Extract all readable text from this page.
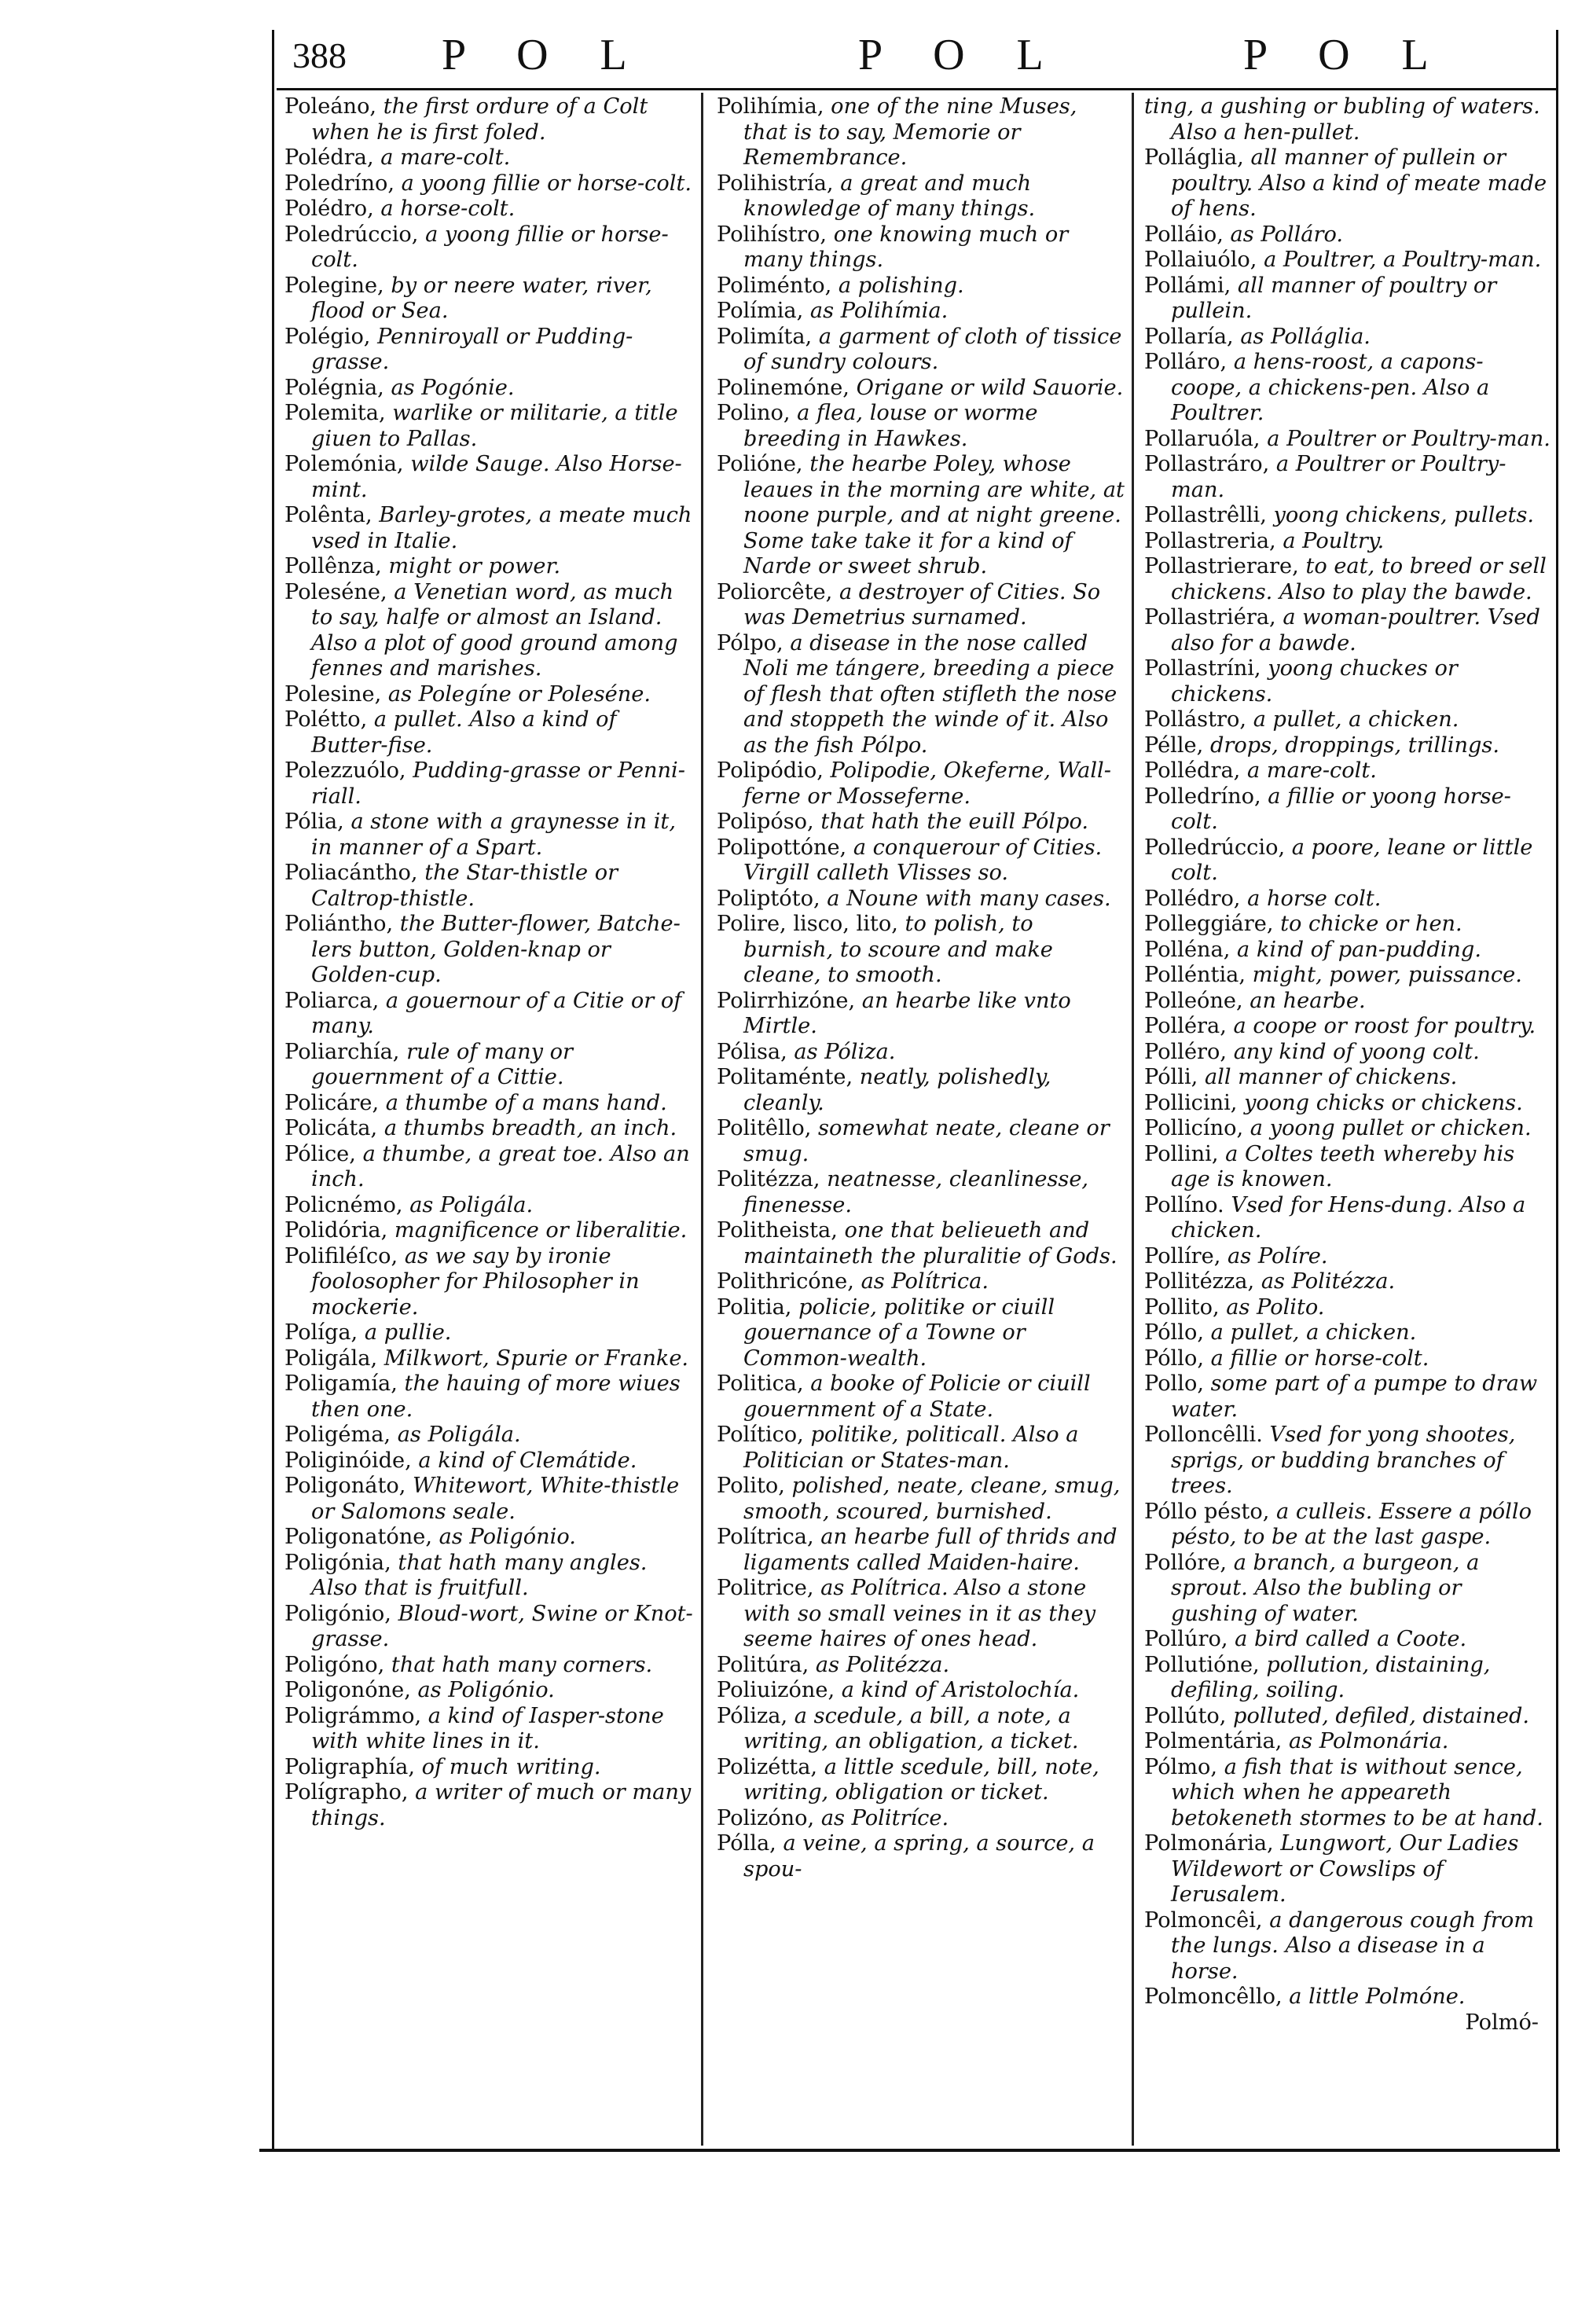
388 P O L	P O L	P O L
Poleáno, the first ordure of a Colt when he is first foled.
Polédra, a mare-colt.
Poledríno, a yoong fillie or horse-colt.
Polédro, a horse-colt.
Poledrúccio, a yoong fillie or horse-colt.
Polegine, by or neere water, river, flood or Sea.
Polégio, Penniroyall or Pudding-grasse.
Polégnia, as Pogónie.
Polemita, warlike or militarie, a title giuen to Pallas.
Polemónia, wilde Sauge. Also Horse-mint.
Polênta, Barley-grotes, a meate much vsed in Italie.
Pollênza, might or power.
Poleséne, a Venetian word, as much to say, halfe or almost an Island. Also a plot of good ground among fennes and marishes.
Polesine, as Polegíne or Poleséne.
Polétto, a pullet. Also a kind of Butter-fise.
Polezzuólo, Pudding-grasse or Penni-riall.
Pólia, a stone with a graynesse in it, in manner of a Spart.
Poliacántho, the Star-thistle or Caltrop-thistle.
Poliántho, the Butter-flower, Batche-lers button, Golden-knap or Golden-cup.
Poliarca, a gouernour of a Citie or of many.
Poliarchía, rule of many or gouernment of a Cittie.
Policáre, a thumbe of a mans hand.
Policáta, a thumbs breadth, an inch.
Pólice, a thumbe, a great toe. Also an inch.
Policnémo, as Poligála.
Polidória, magnificence or liberalitie.
Polifiléſco, as we say by ironie foolosopher for Philosopher in mockerie.
Políga, a pullie.
Poligála, Milkwort, Spurie or Franke.
Poligamía, the hauing of more wiues then one.
Poligéma, as Poligála.
Poliginóide, a kind of Clemátide.
Poligonáto, Whitewort, White-thistle or Salomons seale.
Poligonatóne, as Poligónio.
Poligónia, that hath many angles. Also that is fruitfull.
Poligónio, Bloud-wort, Swine or Knot-grasse.
Poligóno, that hath many corners.
Poligonóne, as Poligónio.
Poligrámmo, a kind of Iasper-stone with white lines in it.
Poligraphía, of much writing.
Polígrapho, a writer of much or many things.
Polihímia, one of the nine Muses, that is to say, Memorie or Remembrance.
Polihistría, a great and much knowledge of many things.
Polihístro, one knowing much or many things.
Poliménto, a polishing.
Polímia, as Polihímia.
Polimíta, a garment of cloth of tissice of sundry colours.
Polinemóne, Origane or wild Sauorie.
Polino, a flea, louse or worme breeding in Hawkes.
Polióne, the hearbe Poley, whose leaues in the morning are white, at noone purple, and at night greene. Some take take it for a kind of Narde or sweet shrub.
Poliorcête, a destroyer of Cities. So was Demetrius surnamed.
Pólpo, a disease in the nose called Noli me tángere, breeding a piece of flesh that often stifleth the nose and stoppeth the winde of it. Also as the fish Pólpo.
Polipódio, Polipodie, Okeferne, Wall-ferne or Mosseferne.
Polipóso, that hath the euill Pólpo.
Polipottóne, a conquerour of Cities. Virgill calleth Vlisses so.
Poliptóto, a Noune with many cases.
Polire, lisco, lito, to polish, to burnish, to scoure and make cleane, to smooth.
Polirrhizóne, an hearbe like vnto Mirtle.
Pólisa, as Póliza.
Politaménte, neatly, polishedly, cleanly.
Politêllo, somewhat neate, cleane or smug.
Politézza, neatnesse, cleanlinesse, finenesse.
Politheista, one that belieueth and maintaineth the pluralitie of Gods.
Polithricóne, as Polítrica.
Politia, policie, politike or ciuill gouernance of a Towne or Common-wealth.
Politica, a booke of Policie or ciuill gouernment of a State.
Político, politike, politicall. Also a Politician or States-man.
Polito, polished, neate, cleane, smug, smooth, scoured, burnished.
Polítrica, an hearbe full of thrids and ligaments called Maiden-haire.
Politrice, as Polítrica. Also a stone with so small veines in it as they seeme haires of ones head.
Politúra, as Politézza.
Poliuizóne, a kind of Aristolochía.
Póliza, a scedule, a bill, a note, a writing, an obligation, a ticket.
Polizétta, a little scedule, bill, note, writing, obligation or ticket.
Polizóno, as Politríce.
Pólla, a veine, a spring, a source, a spou-
ting, a gushing or bubling of waters. Also a hen-pullet.
Polláglia, all manner of pullein or poultry. Also a kind of meate made of hens.
Polláio, as Polláro.
Pollaiuólo, a Poultrer, a Poultry-man.
Pollámi, all manner of poultry or pullein.
Pollaría, as Polláglia.
Polláro, a hens-roost, a capons-coope, a chickens-pen. Also a Poultrer.
Pollaruóla, a Poultrer or Poultry-man.
Pollastráro, a Poultrer or Poultry-man.
Pollastrêlli, yoong chickens, pullets.
Pollastreria, a Poultry.
Pollastrierare, to eat, to breed or sell chickens. Also to play the bawde.
Pollastriéra, a woman-poultrer. Vsed also for a bawde.
Pollastríni, yoong chuckes or chickens.
Pollástro, a pullet, a chicken.
Pélle, drops, droppings, trillings.
Pollédra, a mare-colt.
Polledríno, a fillie or yoong horse-colt.
Polledrúccio, a poore, leane or little colt.
Pollédro, a horse colt.
Polleggiáre, to chicke or hen.
Polléna, a kind of pan-pudding.
Polléntia, might, power, puissance.
Polleóne, an hearbe.
Polléra, a coope or roost for poultry.
Polléro, any kind of yoong colt.
Pólli, all manner of chickens.
Pollicini, yoong chicks or chickens.
Pollicíno, a yoong pullet or chicken.
Pollini, a Coltes teeth whereby his age is knowen.
Pollíno. Vsed for Hens-dung. Also a chicken.
Pollíre, as Políre.
Pollitézza, as Politézza.
Pollito, as Polito.
Póllo, a pullet, a chicken.
Póllo, a fillie or horse-colt.
Pollo, some part of a pumpe to draw water.
Polloncêlli. Vsed for yong shootes, sprigs, or budding branches of trees.
Póllo pésto, a culleis. Essere a póllo pésto, to be at the last gaspe.
Pollóre, a branch, a burgeon, a sprout. Also the bubling or gushing of water.
Pollúro, a bird called a Coote.
Pollutióne, pollution, distaining, defiling, soiling.
Pollúto, polluted, defiled, distained.
Polmentária, as Polmonária.
Pólmo, a fish that is without sence, which when he appeareth betokeneth stormes to be at hand.
Polmonária, Lungwort, Our Ladies Wildewort or Cowslips of Ierusalem.
Polmoncêi, a dangerous cough from the lungs. Also a disease in a horse.
Polmoncêllo, a little Polmóne.
Polmó-
